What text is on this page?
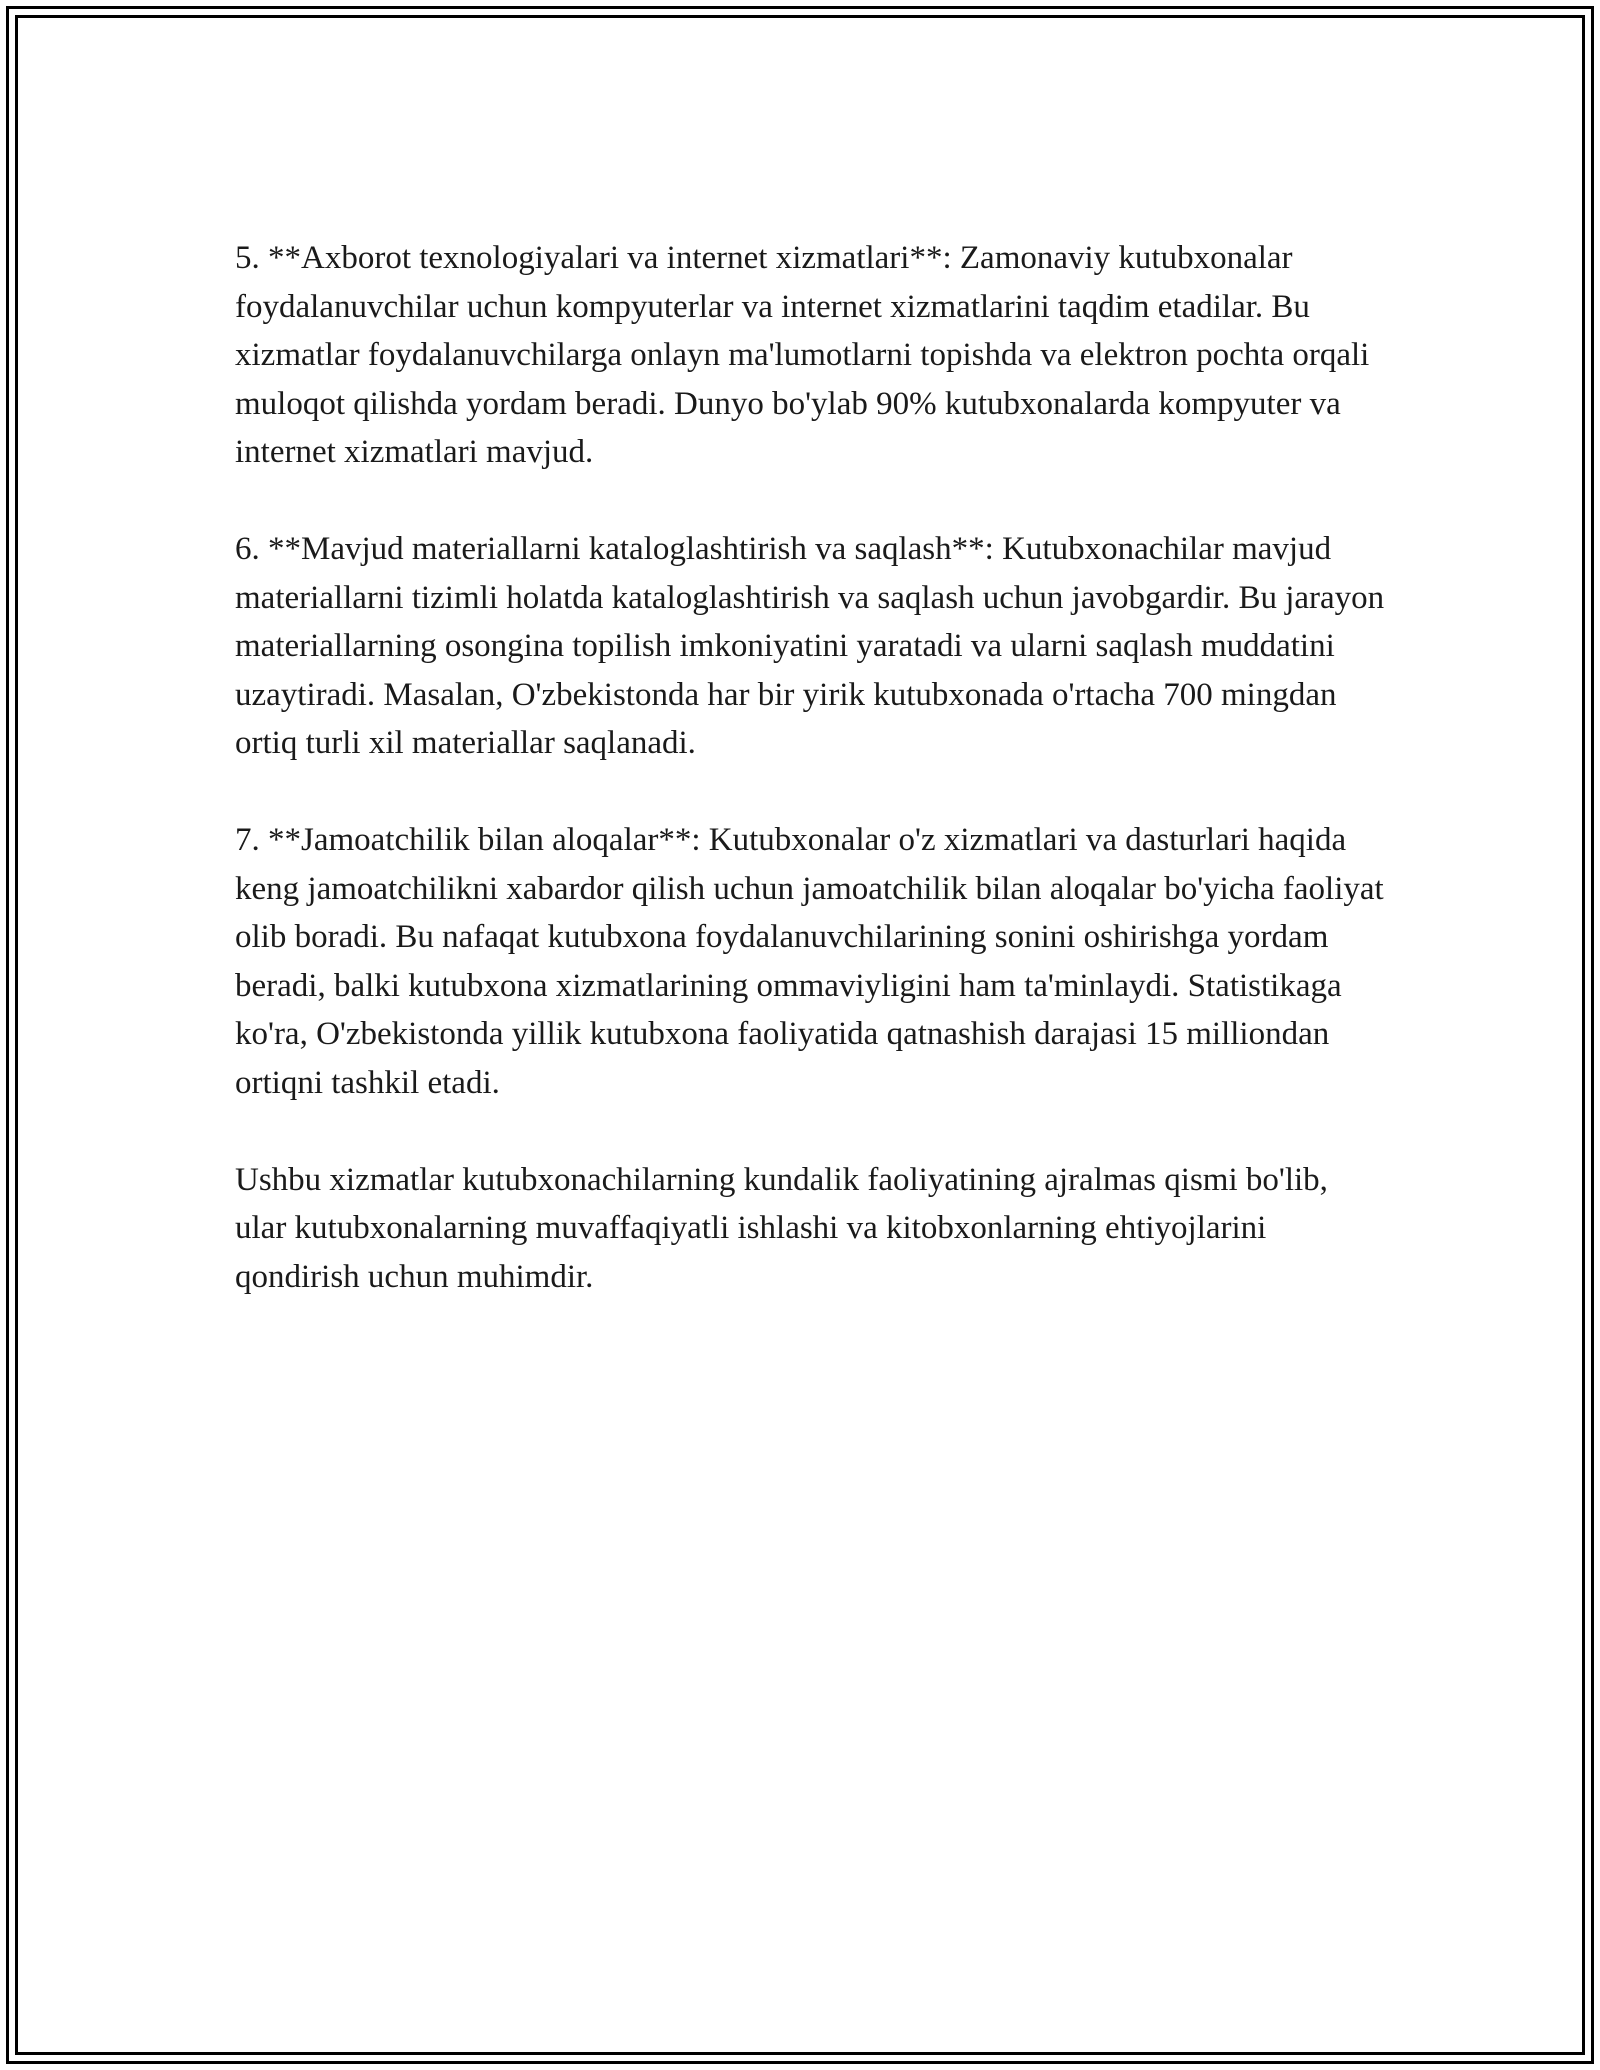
5. **Axborot texnologiyalari va internet xizmatlari**: Zamonaviy kutubxonalar foydalanuvchilar uchun kompyuterlar va internet xizmatlarini taqdim etadilar. Bu xizmatlar foydalanuvchilarga onlayn ma'lumotlarni topishda va elektron pochta orqali muloqot qilishda yordam beradi. Dunyo bo'ylab 90% kutubxonalarda kompyuter va internet xizmatlari mavjud.

6. **Mavjud materiallarni kataloglashtirish va saqlash**: Kutubxonachilar mavjud materiallarni tizimli holatda kataloglashtirish va saqlash uchun javobgardir. Bu jarayon materiallarning osongina topilish imkoniyatini yaratadi va ularni saqlash muddatini uzaytiradi. Masalan, O'zbekistonda har bir yirik kutubxonada o'rtacha 700 mingdan ortiq turli xil materiallar saqlanadi.

7. **Jamoatchilik bilan aloqalar**: Kutubxonalar o'z xizmatlari va dasturlari haqida keng jamoatchilikni xabardor qilish uchun jamoatchilik bilan aloqalar bo'yicha faoliyat olib boradi. Bu nafaqat kutubxona foydalanuvchilarining sonini oshirishga yordam beradi, balki kutubxona xizmatlarining ommaviyligini ham ta'minlaydi. Statistikaga ko'ra, O'zbekistonda yillik kutubxona faoliyatida qatnashish darajasi 15 milliondan ortiqni tashkil etadi.

Ushbu xizmatlar kutubxonachilarning kundalik faoliyatining ajralmas qismi bo'lib, ular kutubxonalarning muvaffaqiyatli ishlashi va kitobxonlarning ehtiyojlarini qondirish uchun muhimdir.
